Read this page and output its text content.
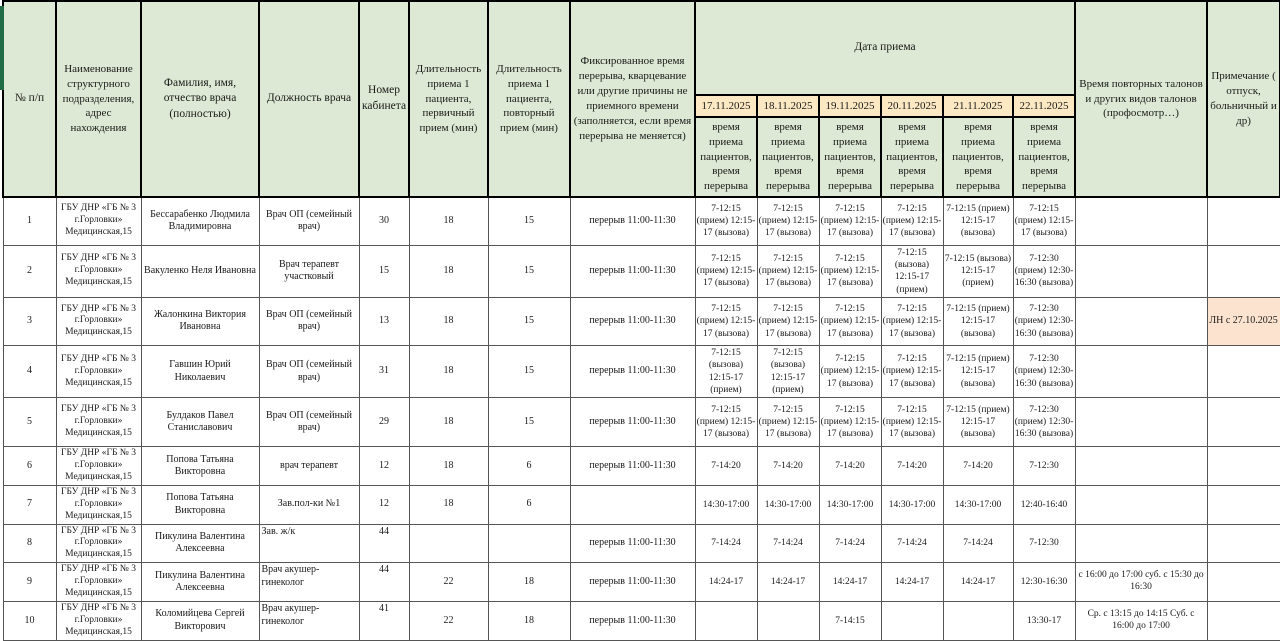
№ п/п	Наименование структурного подразделения, адрес нахождения	Фамилия, имя, отчество врача (полностью)	Должность врача	Номер кабинета	Длительность приема 1 пациента, первичный прием (мин)	Длительность приема 1 пациента, повторный прием (мин)	Фиксированное время перерыва, кварцевание или другие причины не приемного времени (заполняется, если время перерыва не меняется)	Дата приема						Время повторных талонов и других видов талонов (профосмотр…)	Примечание ( отпуск, больничный и др)
								17.11.2025	18.11.2025	19.11.2025	20.11.2025	21.11.2025	22.11.2025		
								время приема пациентов, время перерыва	время приема пациентов, время перерыва	время приема пациентов, время перерыва	время приема пациентов, время перерыва	время приема пациентов, время перерыва	время приема пациентов, время перерыва		
1	ГБУ ДНР «ГБ № 3 г.Горловки» Медицинская,15	Бессарабенко Людмила Владимировна	Врач ОП (семейный врач)	30	18	15	перерыв 11:00-11:30	7-12:15 (прием) 12:15-17 (вызова)	7-12:15 (прием) 12:15-17 (вызова)	7-12:15 (прием) 12:15-17 (вызова)	7-12:15 (прием) 12:15-17 (вызова)	7-12:15 (прием) 12:15-17 (вызова)	7-12:15 (прием) 12:15-17 (вызова)		
2	ГБУ ДНР «ГБ № 3 г.Горловки» Медицинская,15	Вакуленко Неля Ивановна	Врач терапевт участковый	15	18	15	перерыв 11:00-11:30	7-12:15 (прием) 12:15-17 (вызова)	7-12:15 (прием) 12:15-17 (вызова)	7-12:15 (прием) 12:15-17 (вызова)	7-12:15 (вызова) 12:15-17 (прием)	7-12:15 (вызова) 12:15-17 (прием)	7-12:30 (прием) 12:30-16:30 (вызова)		
3	ГБУ ДНР «ГБ № 3 г.Горловки» Медицинская,15	Жалонкина Виктория Ивановна	Врач ОП (семейный врач)	13	18	15	перерыв 11:00-11:30	7-12:15 (прием) 12:15-17 (вызова)	7-12:15 (прием) 12:15-17 (вызова)	7-12:15 (прием) 12:15-17 (вызова)	7-12:15 (прием) 12:15-17 (вызова)	7-12:15 (прием) 12:15-17 (вызова)	7-12:30 (прием) 12:30-16:30 (вызова)		ЛН с 27.10.2025
4	ГБУ ДНР «ГБ № 3 г.Горловки» Медицинская,15	Гавшин Юрий Николаевич	Врач ОП (семейный врач)	31	18	15	перерыв 11:00-11:30	7-12:15 (вызова) 12:15-17 (прием)	7-12:15 (вызова) 12:15-17 (прием)	7-12:15 (прием) 12:15-17 (вызова)	7-12:15 (прием) 12:15-17 (вызова)	7-12:15 (прием) 12:15-17 (вызова)	7-12:30 (прием) 12:30-16:30 (вызова)		
5	ГБУ ДНР «ГБ № 3 г.Горловки» Медицинская,15	Булдаков Павел Станиславович	Врач ОП (семейный врач)	29	18	15	перерыв 11:00-11:30	7-12:15 (прием) 12:15-17 (вызова)	7-12:15 (прием) 12:15-17 (вызова)	7-12:15 (прием) 12:15-17 (вызова)	7-12:15 (прием) 12:15-17 (вызова)	7-12:15 (прием) 12:15-17 (вызова)	7-12:30 (прием) 12:30-16:30 (вызова)		
6	ГБУ ДНР «ГБ № 3 г.Горловки» Медицинская,15	Попова Татьяна Викторовна	врач терапевт	12	18	6	перерыв 11:00-11:30	7-14:20	7-14:20	7-14:20	7-14:20	7-14:20	7-12:30		
7	ГБУ ДНР «ГБ № 3 г.Горловки» Медицинская,15	Попова Татьяна Викторовна	Зав.пол-ки №1	12	18	6		14:30-17:00	14:30-17:00	14:30-17:00	14:30-17:00	14:30-17:00	12:40-16:40		
8	ГБУ ДНР «ГБ № 3 г.Горловки» Медицинская,15	Пикулина Валентина Алексеевна	Зав. ж/к	44			перерыв 11:00-11:30	7-14:24	7-14:24	7-14:24	7-14:24	7-14:24	7-12:30		
9	ГБУ ДНР «ГБ № 3 г.Горловки» Медицинская,15	Пикулина Валентина Алексеевна	Врач акушер-гинеколог	44	22	18	перерыв 11:00-11:30	14:24-17	14:24-17	14:24-17	14:24-17	14:24-17	12:30-16:30	с 16:00 до 17:00 суб. с 15:30 до 16:30	
10	ГБУ ДНР «ГБ № 3 г.Горловки» Медицинская,15	Коломийцева Сергей Викторович	Врач акушер-гинеколог	41	22	18	перерыв 11:00-11:30			7-14:15			13:30-17	Ср. с 13:15 до 14:15 Суб. с 16:00 до 17:00	
